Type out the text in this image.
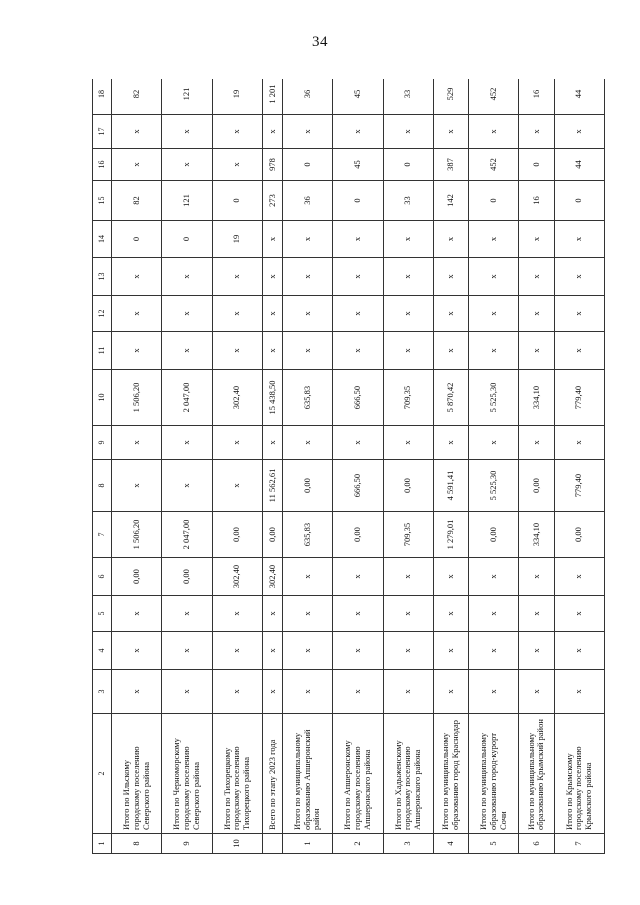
34
1	2	3	4	5	6	7	8	9	10	11	12	13	14	15	16	17	18
8	Итого по Ильскому городскому поселению Северского района	x	x	x	0,00	1 506,20	x	x	1 506,20	x	x	x	0	82	x	x	82
9	Итого по Черноморскому городскому поселению Северского района	x	x	x	0,00	2 047,00	x	x	2 047,00	x	x	x	0	121	x	x	121
10	Итого по Тихорецкому городскому поселению Тихорецкого района	x	x	x	302,40	0,00	x	x	302,40	x	x	x	19	0	x	x	19
	Всего по этапу 2023 года	x	x	x	302,40	0,00	11 562,61	x	15 438,50	x	x	x	x	273	978	x	1 201
1	Итого по муниципальному образованию Апшеронский район	x	x	x	x	635,83	0,00	x	635,83	x	x	x	x	36	0	x	36
2	Итого по Апшеронскому городскому поселению Апшеронского района	x	x	x	x	0,00	666,50	x	666,50	x	x	x	x	0	45	x	45
3	Итого по Хадыженскому городскому поселению Апшеронского района	x	x	x	x	709,35	0,00	x	709,35	x	x	x	x	33	0	x	33
4	Итого по муниципальному образованию город Краснодар	x	x	x	x	1 279,01	4 591,41	x	5 870,42	x	x	x	x	142	387	x	529
5	Итого по муниципальному образованию город-курорт Сочи	x	x	x	x	0,00	5 525,30	x	5 525,30	x	x	x	x	0	452	x	452
6	Итого по муниципальному образованию Крымский район	x	x	x	x	334,10	0,00	x	334,10	x	x	x	x	16	0	x	16
7	Итого по Крымскому городскому поселению Крымского района	x	x	x	x	0,00	779,40	x	779,40	x	x	x	x	0	44	x	44
